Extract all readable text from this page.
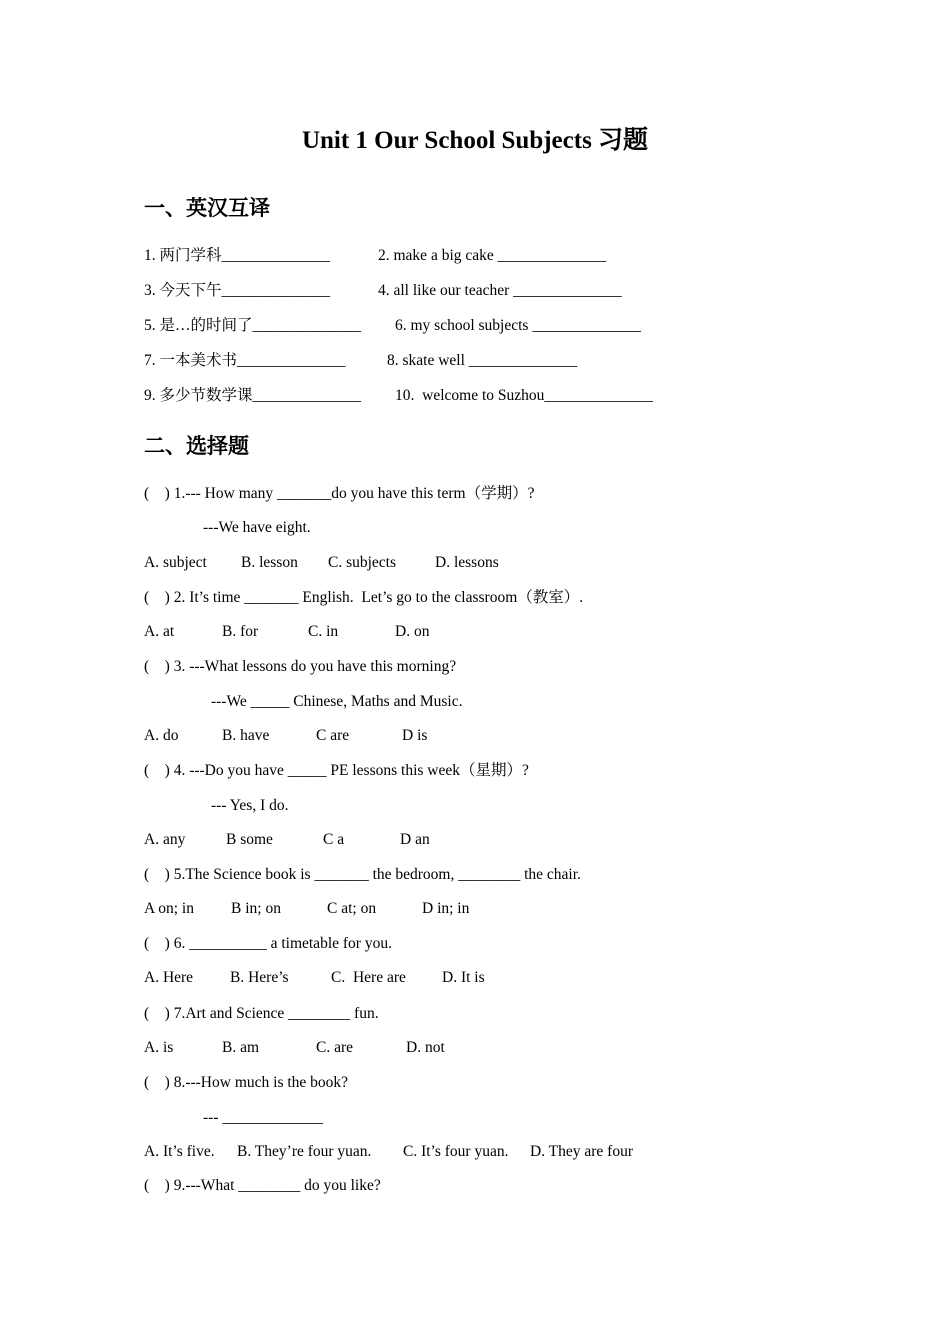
Unit 1 Our School Subjects 习题
一、英汉互译
1. 两门学科______________	2. make a big cake ______________
3. 今天下午______________	4. all like our teacher ______________
5. 是…的时间了______________ 6. my school subjects ______________
7. 一本美术书______________	8. skate well ______________
9. 多少节数学课______________ 10.  welcome to Suzhou______________
二、选择题
(    ) 1.--- How many _______do you have this term（学期）?
---We have eight.
A. subject B. lesson C. subjects	D. lessons
(    ) 2. It’s time _______ English.  Let’s go to the classroom（教室）.
A. at	B. for	C. in	D. on
(    ) 3. ---What lessons do you have this morning?
---We _____ Chinese, Maths and Music.
A. do	B. have	C are	D is
(    ) 4. ---Do you have _____ PE lessons this week（星期）?
--- Yes, I do.
A. any	B some	C a	D an
(    ) 5.The Science book is _______ the bedroom, ________ the chair.
A on; in B in; on	C at; on	D in; in
(    ) 6. __________ a timetable for you.
A. Here B. Here’s	C.  Here are D. It is
(    ) 7.Art and Science ________ fun.
A. is	B. am	C. are	D. not
(    ) 8.---How much is the book?
--- _____________
A. It’s five. B. They’re four yuan. C. It’s four yuan. D. They are four
(    ) 9.---What ________ do you like?
